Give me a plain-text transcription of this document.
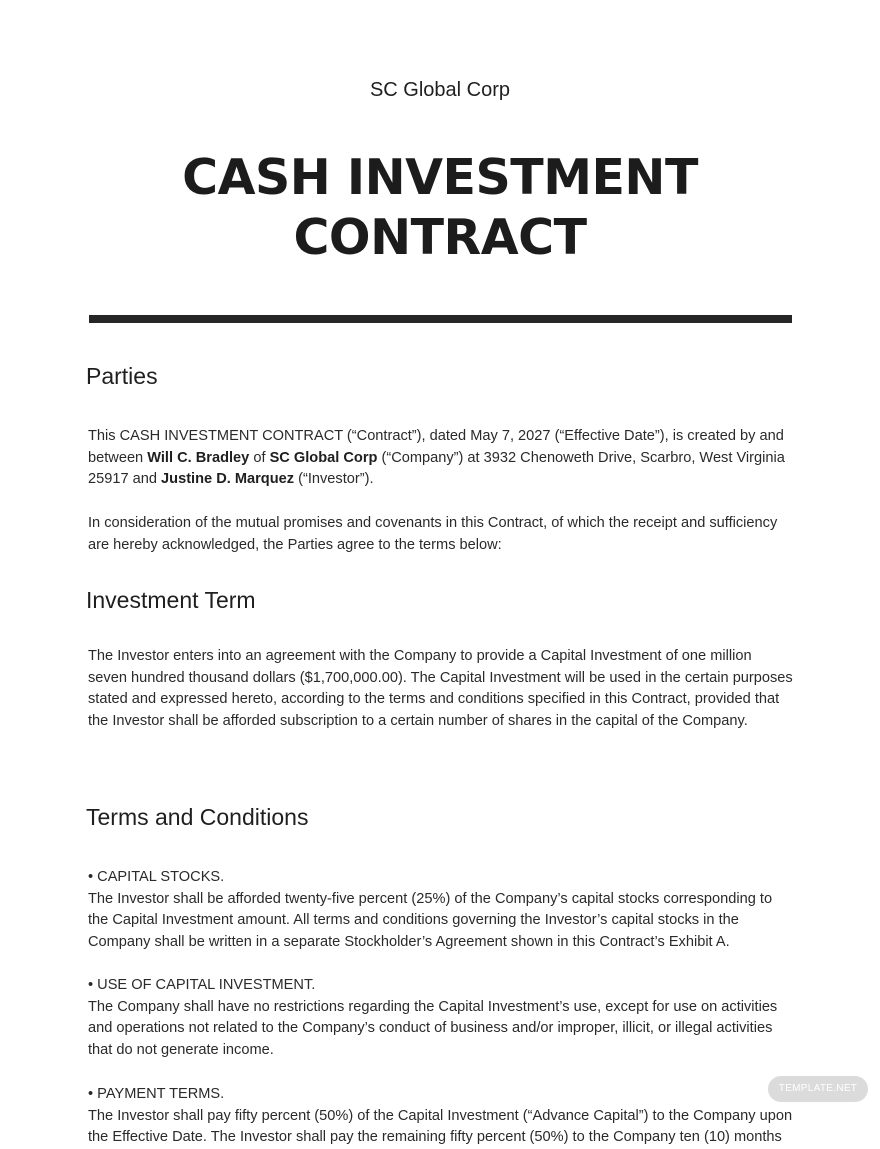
SC Global Corp
CASH INVESTMENT
CONTRACT
Parties
This CASH INVESTMENT CONTRACT (“Contract”), dated May 7, 2027 (“Effective Date”), is created by and between Will C. Bradley of SC Global Corp (“Company”) at 3932 Chenoweth Drive, Scarbro, West Virginia 25917 and Justine D. Marquez (“Investor”).
In consideration of the mutual promises and covenants in this Contract, of which the receipt and sufficiency are hereby acknowledged, the Parties agree to the terms below:
Investment Term
The Investor enters into an agreement with the Company to provide a Capital Investment of one million seven hundred thousand dollars ($1,700,000.00). The Capital Investment will be used in the certain purposes stated and expressed hereto, according to the terms and conditions specified in this Contract, provided that the Investor shall be afforded subscription to a certain number of shares in the capital of the Company.
Terms and Conditions
• CAPITAL STOCKS.
The Investor shall be afforded twenty-five percent (25%) of the Company’s capital stocks corresponding to the Capital Investment amount. All terms and conditions governing the Investor’s capital stocks in the Company shall be written in a separate Stockholder’s Agreement shown in this Contract’s Exhibit A.
• USE OF CAPITAL INVESTMENT.
The Company shall have no restrictions regarding the Capital Investment’s use, except for use on activities and operations not related to the Company’s conduct of business and/or improper, illicit, or illegal activities that do not generate income.
• PAYMENT TERMS.
The Investor shall pay fifty percent (50%) of the Capital Investment (“Advance Capital”) to the Company upon the Effective Date. The Investor shall pay the remaining fifty percent (50%) to the Company ten (10) months
TEMPLATE.NET
